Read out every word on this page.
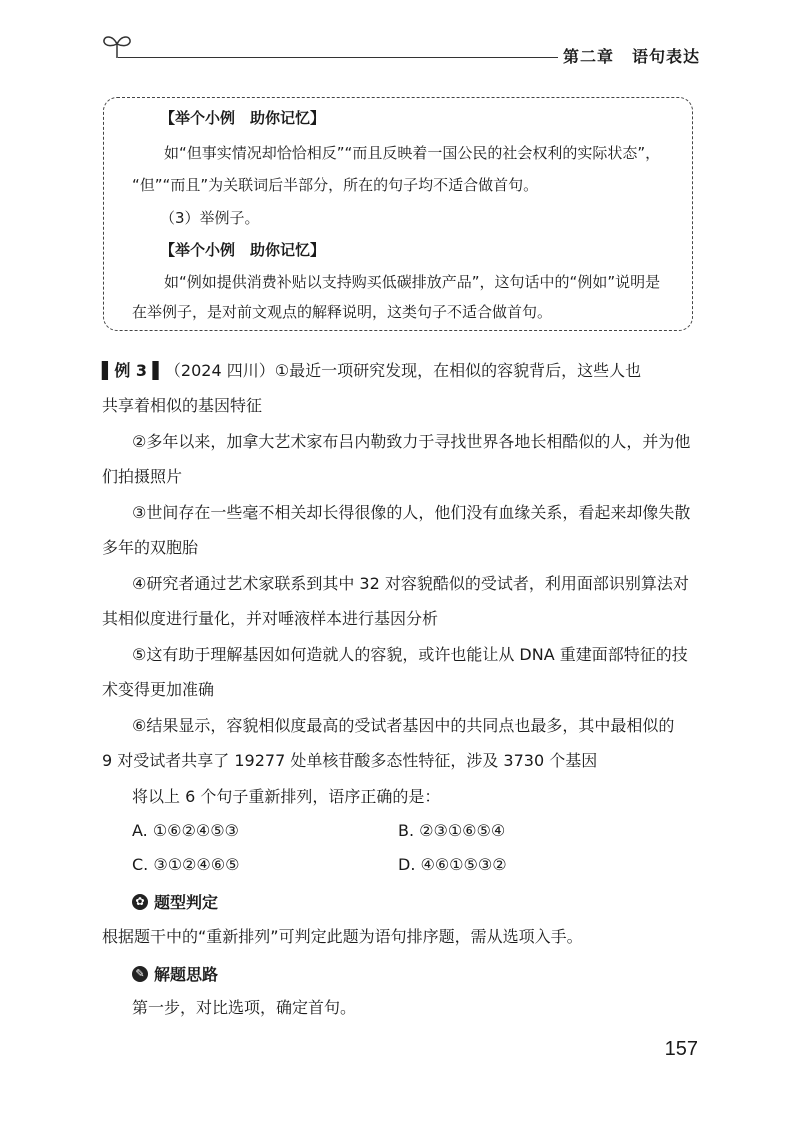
第二章 语句表达

【举个小例　助你记忆】

如“但事实情况却恰恰相反”“而且反映着一国公民的社会权利的实际状态”，

“但”“而且”为关联词后半部分，所在的句子均不适合做首句。

（3）举例子。

【举个小例　助你记忆】

如“例如提供消费补贴以支持购买低碳排放产品”，这句话中的“例如”说明是

在举例子，是对前文观点的解释说明，这类句子不适合做首句。

▌例 3 ▌（2024 四川）①最近一项研究发现，在相似的容貌背后，这些人也

共享着相似的基因特征

②多年以来，加拿大艺术家布吕内勒致力于寻找世界各地长相酷似的人，并为他

们拍摄照片

③世间存在一些毫不相关却长得很像的人，他们没有血缘关系，看起来却像失散

多年的双胞胎

④研究者通过艺术家联系到其中 32 对容貌酷似的受试者，利用面部识别算法对

其相似度进行量化，并对唾液样本进行基因分析

⑤这有助于理解基因如何造就人的容貌，或许也能让从 DNA 重建面部特征的技

术变得更加准确

⑥结果显示，容貌相似度最高的受试者基因中的共同点也最多，其中最相似的

9 对受试者共享了 19277 处单核苷酸多态性特征，涉及 3730 个基因

将以上 6 个句子重新排列，语序正确的是：

A. ①⑥②④⑤③	B. ②③①⑥⑤④
C. ③①②④⑥⑤	D. ④⑥①⑤③②
✿ 题型判定

根据题干中的“重新排列”可判定此题为语句排序题，需从选项入手。

✎ 解题思路

第一步，对比选项，确定首句。

157
